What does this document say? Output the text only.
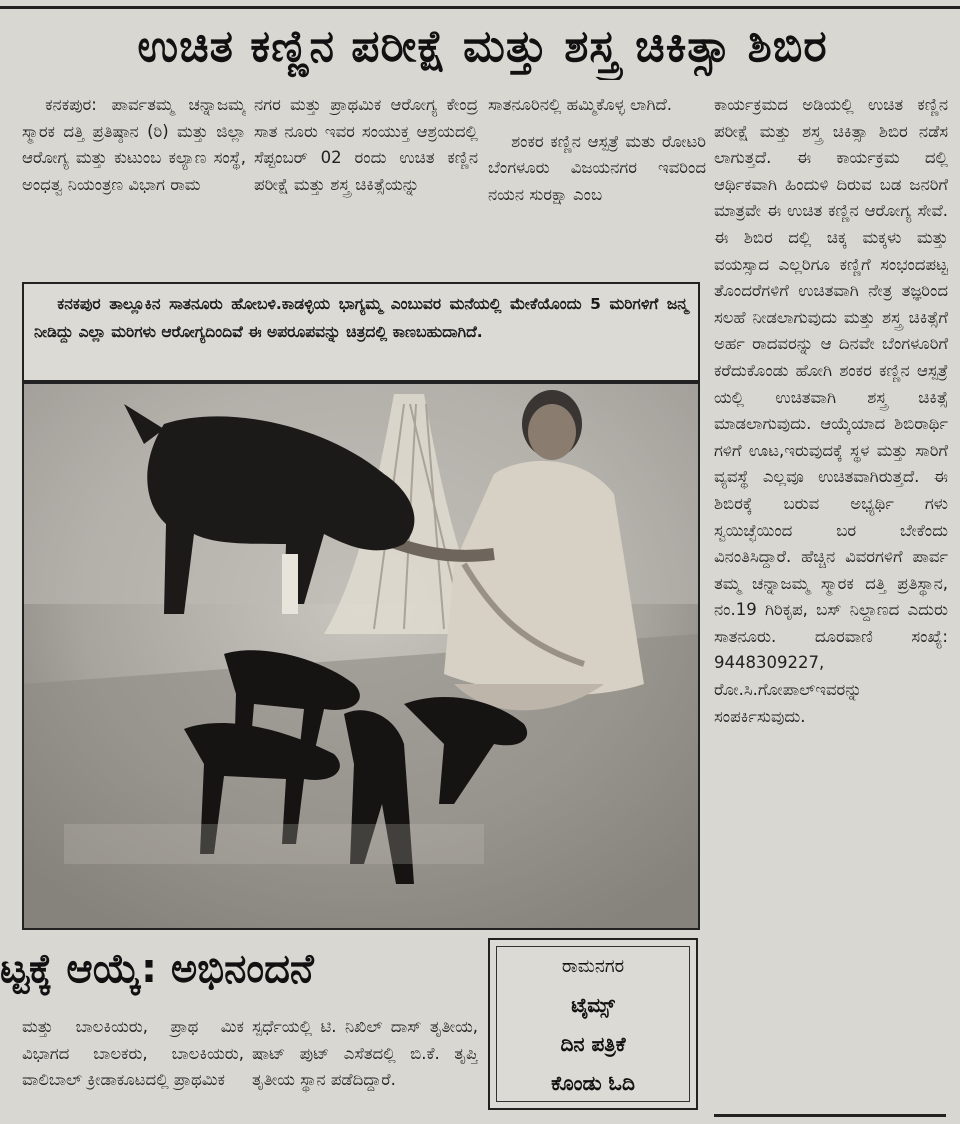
ಉಚಿತ ಕಣ್ಣಿನ ಪರೀಕ್ಷೆ ಮತ್ತು ಶಸ್ತ್ರ ಚಿಕಿತ್ಸಾ ಶಿಬಿರ

ಕನಕಪುರ: ಪಾರ್ವತಮ್ಮ ಚನ್ನಾಜಮ್ಮ ಸ್ಮಾರಕ ದತ್ತಿ ಪ್ರತಿಷ್ಠಾನ (ರಿ) ಮತ್ತು ಜಿಲ್ಲಾ ಆರೋಗ್ಯ ಮತ್ತು ಕುಟುಂಬ ಕಲ್ಯಾಣ ಸಂಸ್ಥೆ, ಅಂಧತ್ವ ನಿಯಂತ್ರಣ ವಿಭಾಗ ರಾಮ

ನಗರ ಮತ್ತು ಪ್ರಾಥಮಿಕ ಆರೋಗ್ಯ ಕೇಂದ್ರ ಸಾತ ನೂರು ಇವರ ಸಂಯುಕ್ತ ಆಶ್ರಯದಲ್ಲಿ ಸೆಪ್ಟಂಬರ್ 02 ರಂದು ಉಚಿತ ಕಣ್ಣಿನ ಪರೀಕ್ಷೆ ಮತ್ತು ಶಸ್ತ್ರ ಚಿಕಿತ್ಸೆಯನ್ನು

ಸಾತನೂರಿನಲ್ಲಿ ಹಮ್ಮಿಕೊಳ್ಳ ಲಾಗಿದೆ.

ಶಂಕರ ಕಣ್ಣಿನ ಆಸ್ಪತ್ರೆ ಮತು ರೋಟರಿ ಬೆಂಗಳೂರು ವಿಜಯನಗರ ಇವರಿಂದ ನಯನ ಸುರಕ್ಷಾ ಎಂಬ

ಕಾರ್ಯಕ್ರಮದ ಅಡಿಯಲ್ಲಿ ಉಚಿತ ಕಣ್ಣಿನ ಪರೀಕ್ಷೆ ಮತ್ತು ಶಸ್ತ್ರ ಚಿಕಿತ್ಸಾ ಶಿಬಿರ ನಡೆಸ ಲಾಗುತ್ತದೆ. ಈ ಕಾರ್ಯಕ್ರಮ ದಲ್ಲಿ ಆರ್ಥಿಕವಾಗಿ ಹಿಂದುಳಿ ದಿರುವ ಬಡ ಜನರಿಗೆ ಮಾತ್ರವೇ ಈ ಉಚಿತ ಕಣ್ಣಿನ ಆರೋಗ್ಯ ಸೇವೆ. ಈ ಶಿಬಿರ ದಲ್ಲಿ ಚಿಕ್ಕ ಮಕ್ಕಳು ಮತ್ತು ವಯಸ್ಸಾದ ಎಲ್ಲರಿಗೂ ಕಣ್ಣಿಗೆ ಸಂಭಂದಪಟ್ಟ ತೊಂದರೆಗಳಿಗೆ ಉಚಿತವಾಗಿ ನೇತ್ರ ತಜ್ಞರಿಂದ ಸಲಹೆ ನೀಡಲಾಗುವುದು ಮತ್ತು ಶಸ್ತ್ರ ಚಿಕಿತ್ಸೆಗೆ ಅರ್ಹ ರಾದವರನ್ನು ಆ ದಿನವೇ ಬೆಂಗಳೂರಿಗೆ ಕರೆದುಕೊಂಡು ಹೋಗಿ ಶಂಕರ ಕಣ್ಣಿನ ಆಸ್ಪತ್ರೆ ಯಲ್ಲಿ ಉಚಿತವಾಗಿ ಶಸ್ತ್ರ ಚಿಕಿತ್ಸೆ ಮಾಡಲಾಗುವುದು. ಆಯ್ಕೆಯಾದ ಶಿಬಿರಾರ್ಥಿ ಗಳಿಗೆ ಊಟ,ಇರುವುದಕ್ಕೆ ಸ್ಥಳ ಮತ್ತು ಸಾರಿಗೆ ವ್ಯವಸ್ಥೆ ಎಲ್ಲವೂ ಉಚಿತವಾಗಿರುತ್ತದೆ. ಈ ಶಿಬಿರಕ್ಕೆ ಬರುವ ಅಭ್ಯರ್ಥಿ ಗಳು ಸ್ವಯಿಚ್ಛೆಯಿಂದ ಬರ ಬೇಕೆಂದು ವಿನಂತಿಸಿದ್ದಾರೆ. ಹೆಚ್ಚಿನ ವಿವರಗಳಿಗೆ ಪಾರ್ವ ತಮ್ಮ ಚನ್ನಾಜಮ್ಮ ಸ್ಮಾರಕ ದತ್ತಿ ಪ್ರತಿಸ್ಥಾನ, ನಂ.19 ಗಿರಿಕೃಪ, ಬಸ್ ನಿಲ್ದಾಣದ ಎದುರು ಸಾತನೂರು. ದೂರವಾಣಿ ಸಂಖ್ಯೆ: 9448309227, ರೋ.ಸಿ.ಗೋಪಾಲ್ಇವರನ್ನು ಸಂಪರ್ಕಿಸುವುದು.

ಕನಕಪುರ ತಾಲ್ಲೂಕಿನ ಸಾತನೂರು ಹೋಬಳಿ.ಕಾಡಳ್ಳಿಯ ಭಾಗ್ಯಮ್ಮ ಎಂಬುವರ ಮನೆಯಲ್ಲಿ ಮೇಕೆಯೊಂದು 5 ಮರಿಗಳಿಗೆ ಜನ್ಮ ನೀಡಿದ್ದು ಎಲ್ಲಾ ಮರಿಗಳು ಆರೋಗ್ಯದಿಂದಿವೆ ಈ ಅಪರೂಪವನ್ನು ಚಿತ್ರದಲ್ಲಿ ಕಾಣಬಹುದಾಗಿದೆ.
ಟ್ಟಕ್ಕೆ ಆಯ್ಕೆ: ಅಭಿನಂದನೆ

ಮತ್ತು ಬಾಲಕಿಯರು, ಪ್ರಾಥ ಮಿಕ ವಿಭಾಗದ ಬಾಲಕರು, ಬಾಲಕಿಯರು, ವಾಲಿಬಾಲ್ ಕ್ರೀಡಾಕೂಟದಲ್ಲಿ ಪ್ರಾಥಮಿಕ

ಸ್ಪರ್ಧೆಯಲ್ಲಿ ಟಿ. ನಿಖಿಲ್ ದಾಸ್ ತೃತೀಯ, ಷಾಟ್ ಪುಟ್ ಎಸೆತದಲ್ಲಿ ಬಿ.ಕೆ. ತೃಪ್ತಿ ತೃತೀಯ ಸ್ಥಾನ ಪಡೆದಿದ್ದಾರೆ.

ರಾಮನಗರ
ಟೈಮ್ಸ್
ದಿನ ಪತ್ರಿಕೆ
ಕೊಂಡು ಓದಿ
